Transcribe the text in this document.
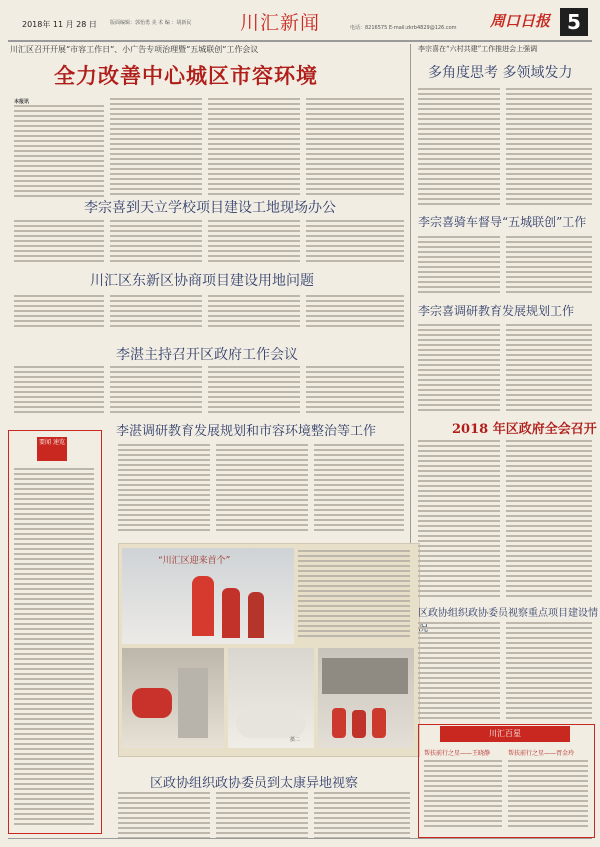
2018年 11 月 28 日	版面编辑：郭怡勇 美 术 编 ：胡新民	川汇新闻	电话：8216575 E-mail:zkrb4829@126.com 周口日报 5
川汇区召开开展“市容工作日”、小广告专项治理暨“五城联创”工作会议
全力改善中心城区市容环境
本报讯
李宗喜到天立学校项目建设工地现场办公
川汇区东新区协商项目建设用地问题
李湛主持召开区政府工作会议
要闻 速览
李湛调研教育发展规划和市容环境整治等工作
“川汇区迎来首个”
摄二
区政协组织政协委员到太康异地视察
李宗喜在“六村共建”工作推进会上强调
多角度思考 多领域发力
李宗喜骑车督导“五城联创”工作
李宗喜调研教育发展规划工作
2018 年区政府全会召开
区政协组织政协委员视察重点项目建设情
川汇百星
帮扶前行之星——王晓静	帮扶前行之星——胥金玲
